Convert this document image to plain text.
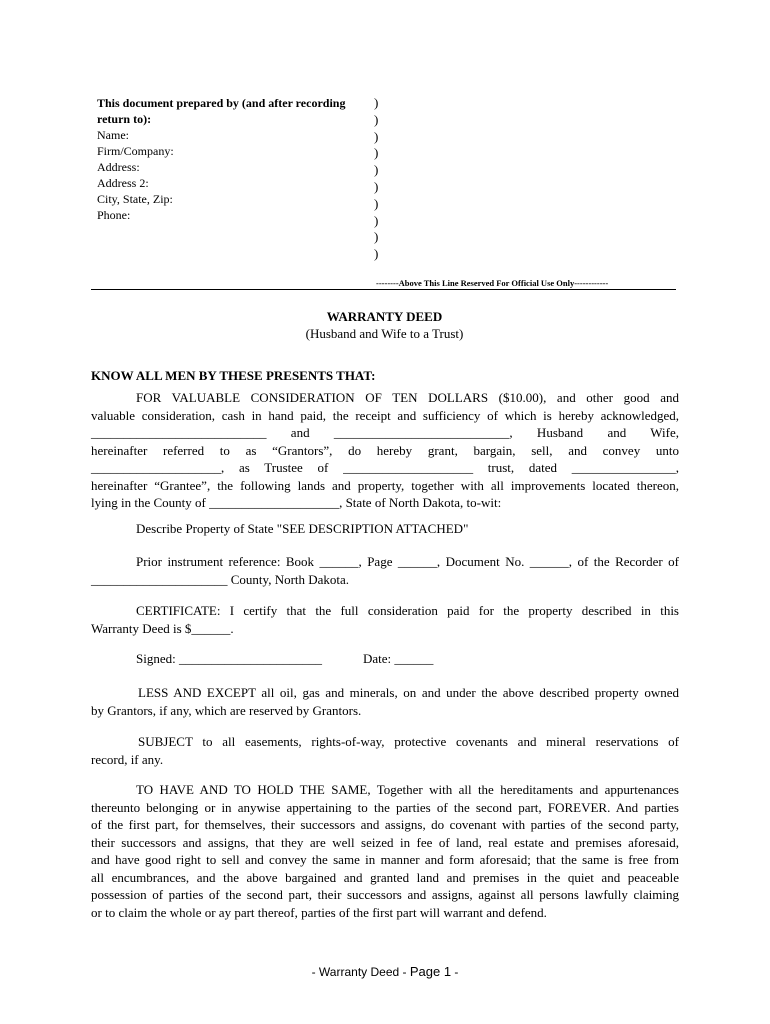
This document prepared by (and after recording
return to):
Name:
Firm/Company:
Address:
Address 2:
City, State, Zip:
Phone:
)
)
)
)
)
)
)
)
)
)
--------Above This Line Reserved For Official Use Only------------
WARRANTY DEED
(Husband and Wife to a Trust)
KNOW ALL MEN BY THESE PRESENTS THAT:
FOR VALUABLE CONSIDERATION OF TEN DOLLARS ($10.00), and other good and
valuable consideration, cash in hand paid, the receipt and sufficiency of which is hereby acknowledged,
___________________________ and ___________________________, Husband and Wife,
hereinafter referred to as “Grantors”, do hereby grant, bargain, sell, and convey unto
____________________, as Trustee of ____________________ trust, dated ________________,
hereinafter “Grantee”, the following lands and property, together with all improvements located thereon,
lying in the County of ____________________, State of North Dakota, to-wit:
Describe Property of State "SEE DESCRIPTION ATTACHED"
Prior instrument reference: Book ______, Page ______, Document No. ______, of the Recorder of
_____________________ County, North Dakota.
CERTIFICATE: I certify that the full consideration paid for the property described in this
Warranty Deed is $______.
Signed: ______________________	Date: ______
LESS AND EXCEPT all oil, gas and minerals, on and under the above described property owned
by Grantors, if any, which are reserved by Grantors.
SUBJECT to all easements, rights-of-way, protective covenants and mineral reservations of
record, if any.
TO HAVE AND TO HOLD THE SAME, Together with all the hereditaments and appurtenances
thereunto belonging or in anywise appertaining to the parties of the second part, FOREVER. And parties
of the first part, for themselves, their successors and assigns, do covenant with parties of the second party,
their successors and assigns, that they are well seized in fee of land, real estate and premises aforesaid,
and have good right to sell and convey the same in manner and form aforesaid; that the same is free from
all encumbrances, and the above bargained and granted land and premises in the quiet and peaceable
possession of parties of the second part, their successors and assigns, against all persons lawfully claiming
or to claim the whole or ay part thereof, parties of the first part will warrant and defend.
- Warranty Deed - Page 1 -
